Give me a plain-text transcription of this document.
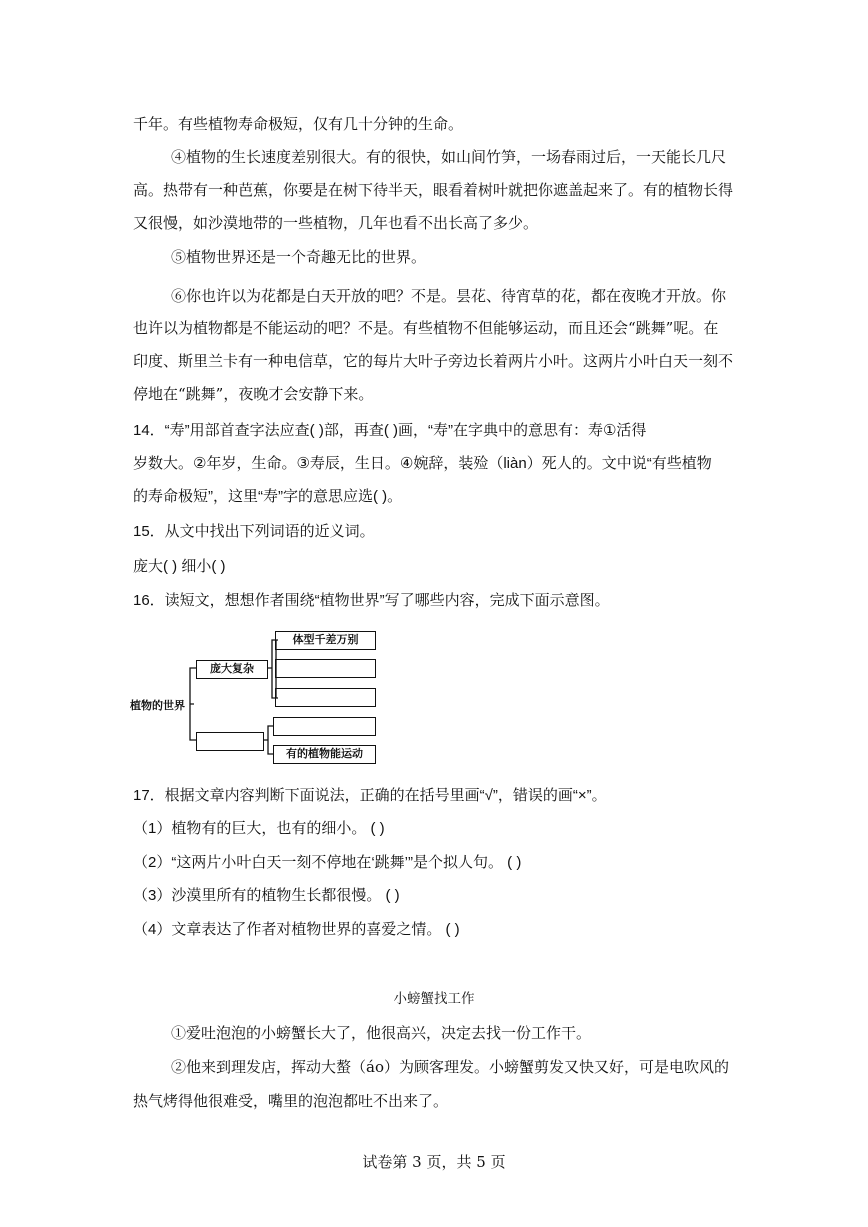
千年。有些植物寿命极短，仅有几十分钟的生命。
④植物的生长速度差别很大。有的很快，如山间竹笋，一场春雨过后，一天能长几尺
高。热带有一种芭蕉，你要是在树下待半天，眼看着树叶就把你遮盖起来了。有的植物长得
又很慢，如沙漠地带的一些植物，几年也看不出长高了多少。
⑤植物世界还是一个奇趣无比的世界。
⑥你也许以为花都是白天开放的吧？不是。昙花、待宵草的花，都在夜晚才开放。你
也许以为植物都是不能运动的吧？不是。有些植物不但能够运动，而且还会“跳舞”呢。在
印度、斯里兰卡有一种电信草，它的每片大叶子旁边长着两片小叶。这两片小叶白天一刻不
停地在“跳舞”，夜晚才会安静下来。
14．“寿”用部首查字法应查( )部，再查( )画，“寿”在字典中的意思有：寿①活得
岁数大。②年岁，生命。③寿辰，生日。④婉辞，装殓（liàn）死人的。文中说“有些植物
的寿命极短”，这里“寿”字的意思应选( )。
15．从文中找出下列词语的近义词。
庞大( ) 细小( )
16．读短文，想想作者围绕“植物世界”写了哪些内容，完成下面示意图。
植物的世界
庞大复杂
体型千差万别
有的植物能运动
17．根据文章内容判断下面说法，正确的在括号里画“√”，错误的画“×”。
（1）植物有的巨大，也有的细小。 ( )
（2）“这两片小叶白天一刻不停地在‘跳舞’”是个拟人句。 ( )
（3）沙漠里所有的植物生长都很慢。 ( )
（4）文章表达了作者对植物世界的喜爱之情。 ( )
小螃蟹找工作
①爱吐泡泡的小螃蟹长大了，他很高兴，决定去找一份工作干。
②他来到理发店，挥动大螯（áo）为顾客理发。小螃蟹剪发又快又好，可是电吹风的
热气烤得他很难受，嘴里的泡泡都吐不出来了。
试卷第 3 页，共 5 页
